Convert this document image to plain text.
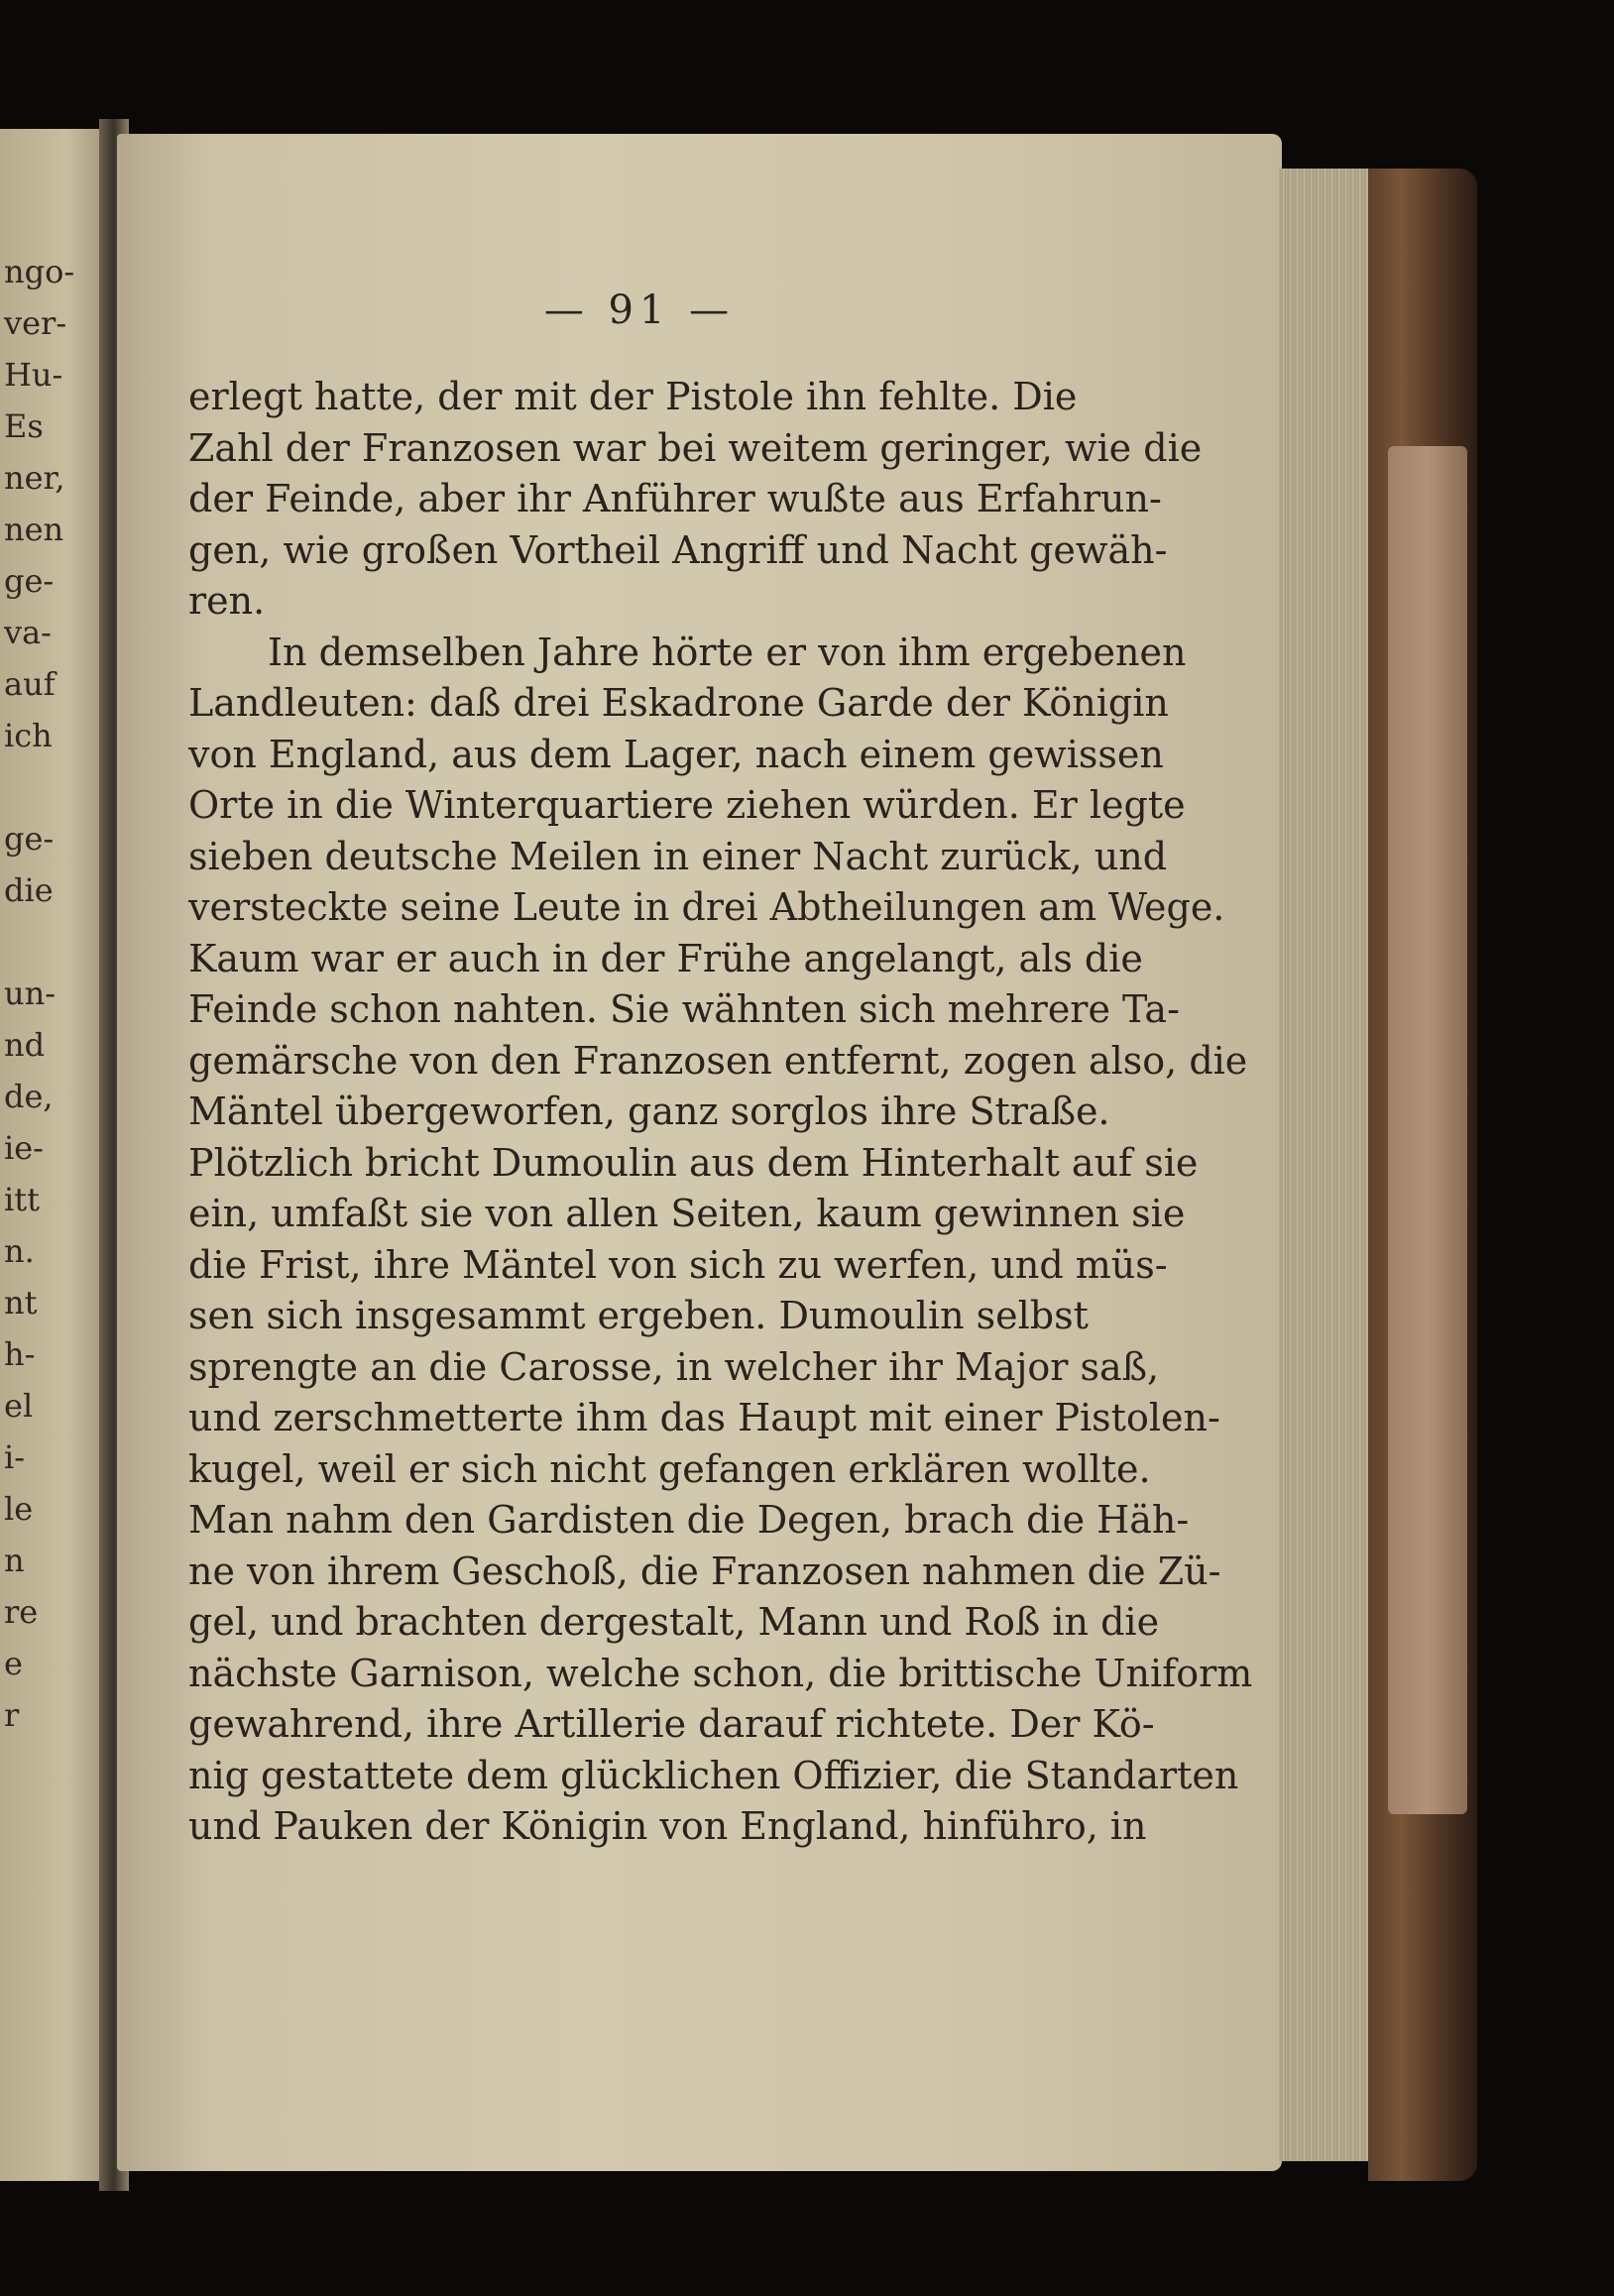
ngo-
ver-
Hu-
Es
ner,
nen
ge-
va-
auf
ich
ge-
die
un-
nd
de,
ie-
itt
n.
nt
h-
el
i-
le
n
re
e
r
— 91 —
erlegt hatte, der mit der Pistole ihn fehlte. Die
Zahl der Franzosen war bei weitem geringer, wie die
der Feinde, aber ihr Anführer wußte aus Erfahrun-
gen, wie großen Vortheil Angriff und Nacht gewäh-
ren.
In demselben Jahre hörte er von ihm ergebenen
Landleuten: daß drei Eskadrone Garde der Königin
von England, aus dem Lager, nach einem gewissen
Orte in die Winterquartiere ziehen würden. Er legte
sieben deutsche Meilen in einer Nacht zurück, und
versteckte seine Leute in drei Abtheilungen am Wege.
Kaum war er auch in der Frühe angelangt, als die
Feinde schon nahten. Sie wähnten sich mehrere Ta-
gemärsche von den Franzosen entfernt, zogen also, die
Mäntel übergeworfen, ganz sorglos ihre Straße.
Plötzlich bricht Dumoulin aus dem Hinterhalt auf sie
ein, umfaßt sie von allen Seiten, kaum gewinnen sie
die Frist, ihre Mäntel von sich zu werfen, und müs-
sen sich insgesammt ergeben. Dumoulin selbst
sprengte an die Carosse, in welcher ihr Major saß,
und zerschmetterte ihm das Haupt mit einer Pistolen-
kugel, weil er sich nicht gefangen erklären wollte.
Man nahm den Gardisten die Degen, brach die Häh-
ne von ihrem Geschoß, die Franzosen nahmen die Zü-
gel, und brachten dergestalt, Mann und Roß in die
nächste Garnison, welche schon, die brittische Uniform
gewahrend, ihre Artillerie darauf richtete. Der Kö-
nig gestattete dem glücklichen Offizier, die Standarten
und Pauken der Königin von England, hinführo, in
